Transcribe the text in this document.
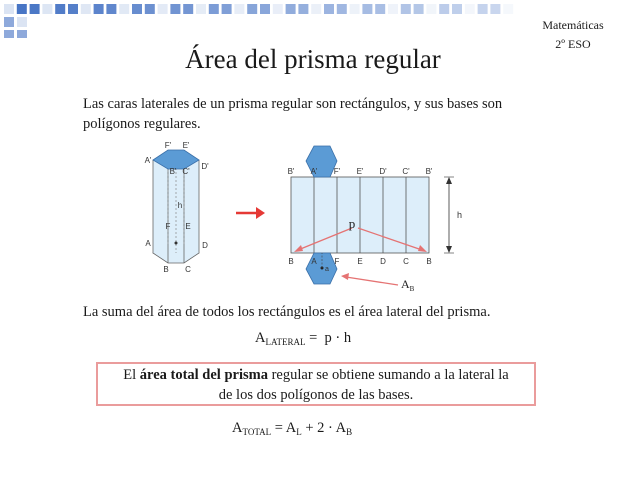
Matemáticas
2º ESO
Área del prisma regular
Las caras laterales de un prisma regular son rectángulos, y sus bases son polígonos regulares.
F' E'
A'
B' C'
D'
h
F E
A	D
B C
B' A' F' E' D' C' B'
B A F E D C B
p
$A_B$
h
a
La suma del área de todos los rectángulos es el área lateral del prisma.
$A_{LATERAL} = p \cdot h$
El área total del prisma regular se obtiene sumando a la lateral la
de los dos polígonos de las bases.
$A_{TOTAL} = A_L + 2 \cdot A_B$
